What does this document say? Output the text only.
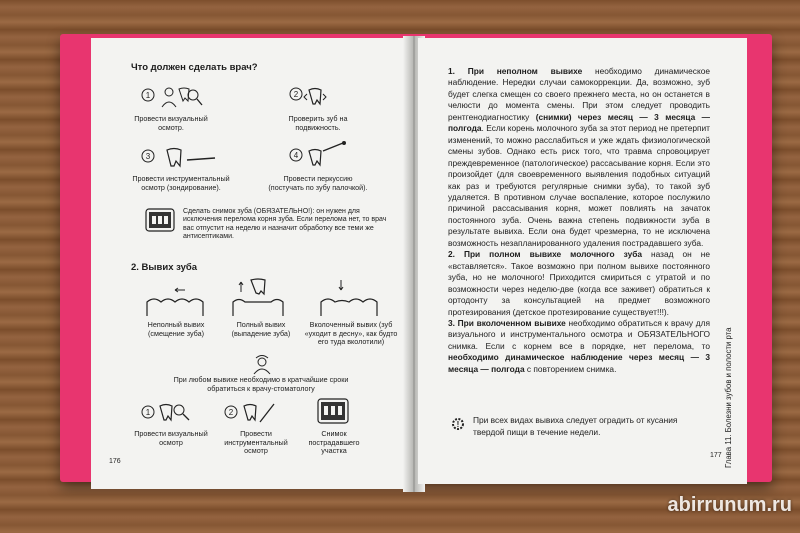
Что должен сделать врач?
1
Провести визуальный осмотр.
2
Проверить зуб на подвижность.
3
Провести инструментальный осмотр (зондирование).
4
Провести перкуссию (постучать по зубу палочкой).
Сделать снимок зуба (ОБЯЗАТЕЛЬНО!): он нужен для исключения перелома корня зуба. Если перелома нет, то врач вас отпустит на неделю и назначит обработку все теми же антисептиками.
2. Вывих зуба
Неполный вывих (смещение зуба)
Полный вывих (выпадение зуба)
Вколоченный вывих (зуб «уходит в десну», как будто его туда вколотили)
При любом вывихе необходимо в кратчайшие сроки обратиться к врачу-стоматологу
1
Провести визуальный осмотр
2
Провести инструментальный осмотр
Снимок пострадавшего участка
176

1. При неполном вывихе необходимо динамическое наблюдение. Нередки случаи самокоррекции. Да, возможно, зуб будет слегка смещен со своего прежнего места, но он останется в челюсти до момента смены. При этом следует проводить рентгенодиагностику (снимки) через месяц — 3 месяца — полгода. Если корень молочного зуба за этот период не претерпит изменений, то можно расслабиться и уже ждать физиологической смены зубов. Однако есть риск того, что травма спровоцирует преждевременное (патологическое) рассасывание корня. Если это произойдет (для своевременного выявления подобных ситуаций как раз и требуются регулярные снимки зуба), то такой зуб удаляется. В противном случае воспаление, которое послужило причиной рассасывания корня, может повлиять на зачаток постоянного зуба. Очень важна степень подвижности зуба в результате вывиха. Если она будет чрезмерна, то не исключена возможность незапланированного удаления пострадавшего зуба.

2. При полном вывихе молочного зуба назад он не «вставляется». Такое возможно при полном вывихе постоянного зуба, но не молочного! Приходится смириться с утратой и по возможности через неделю-две (когда все заживет) обратиться к ортодонту за консультацией на предмет возможного протезирования (детское протезирование существует!!!).

3. При вколоченном вывихе необходимо обратиться к врачу для визуального и инструментального осмотра и ОБЯЗАТЕЛЬНОГО снимка. Если с корнем все в порядке, нет перелома, то необходимо динамическое наблюдение через месяц — 3 месяца — полгода с повторением снимка.

! При всех видах вывиха следует оградить от кусания твердой пищи в течение недели.	Глава 11. Болезни зубов и полости рта
177
abirrunum.ru
